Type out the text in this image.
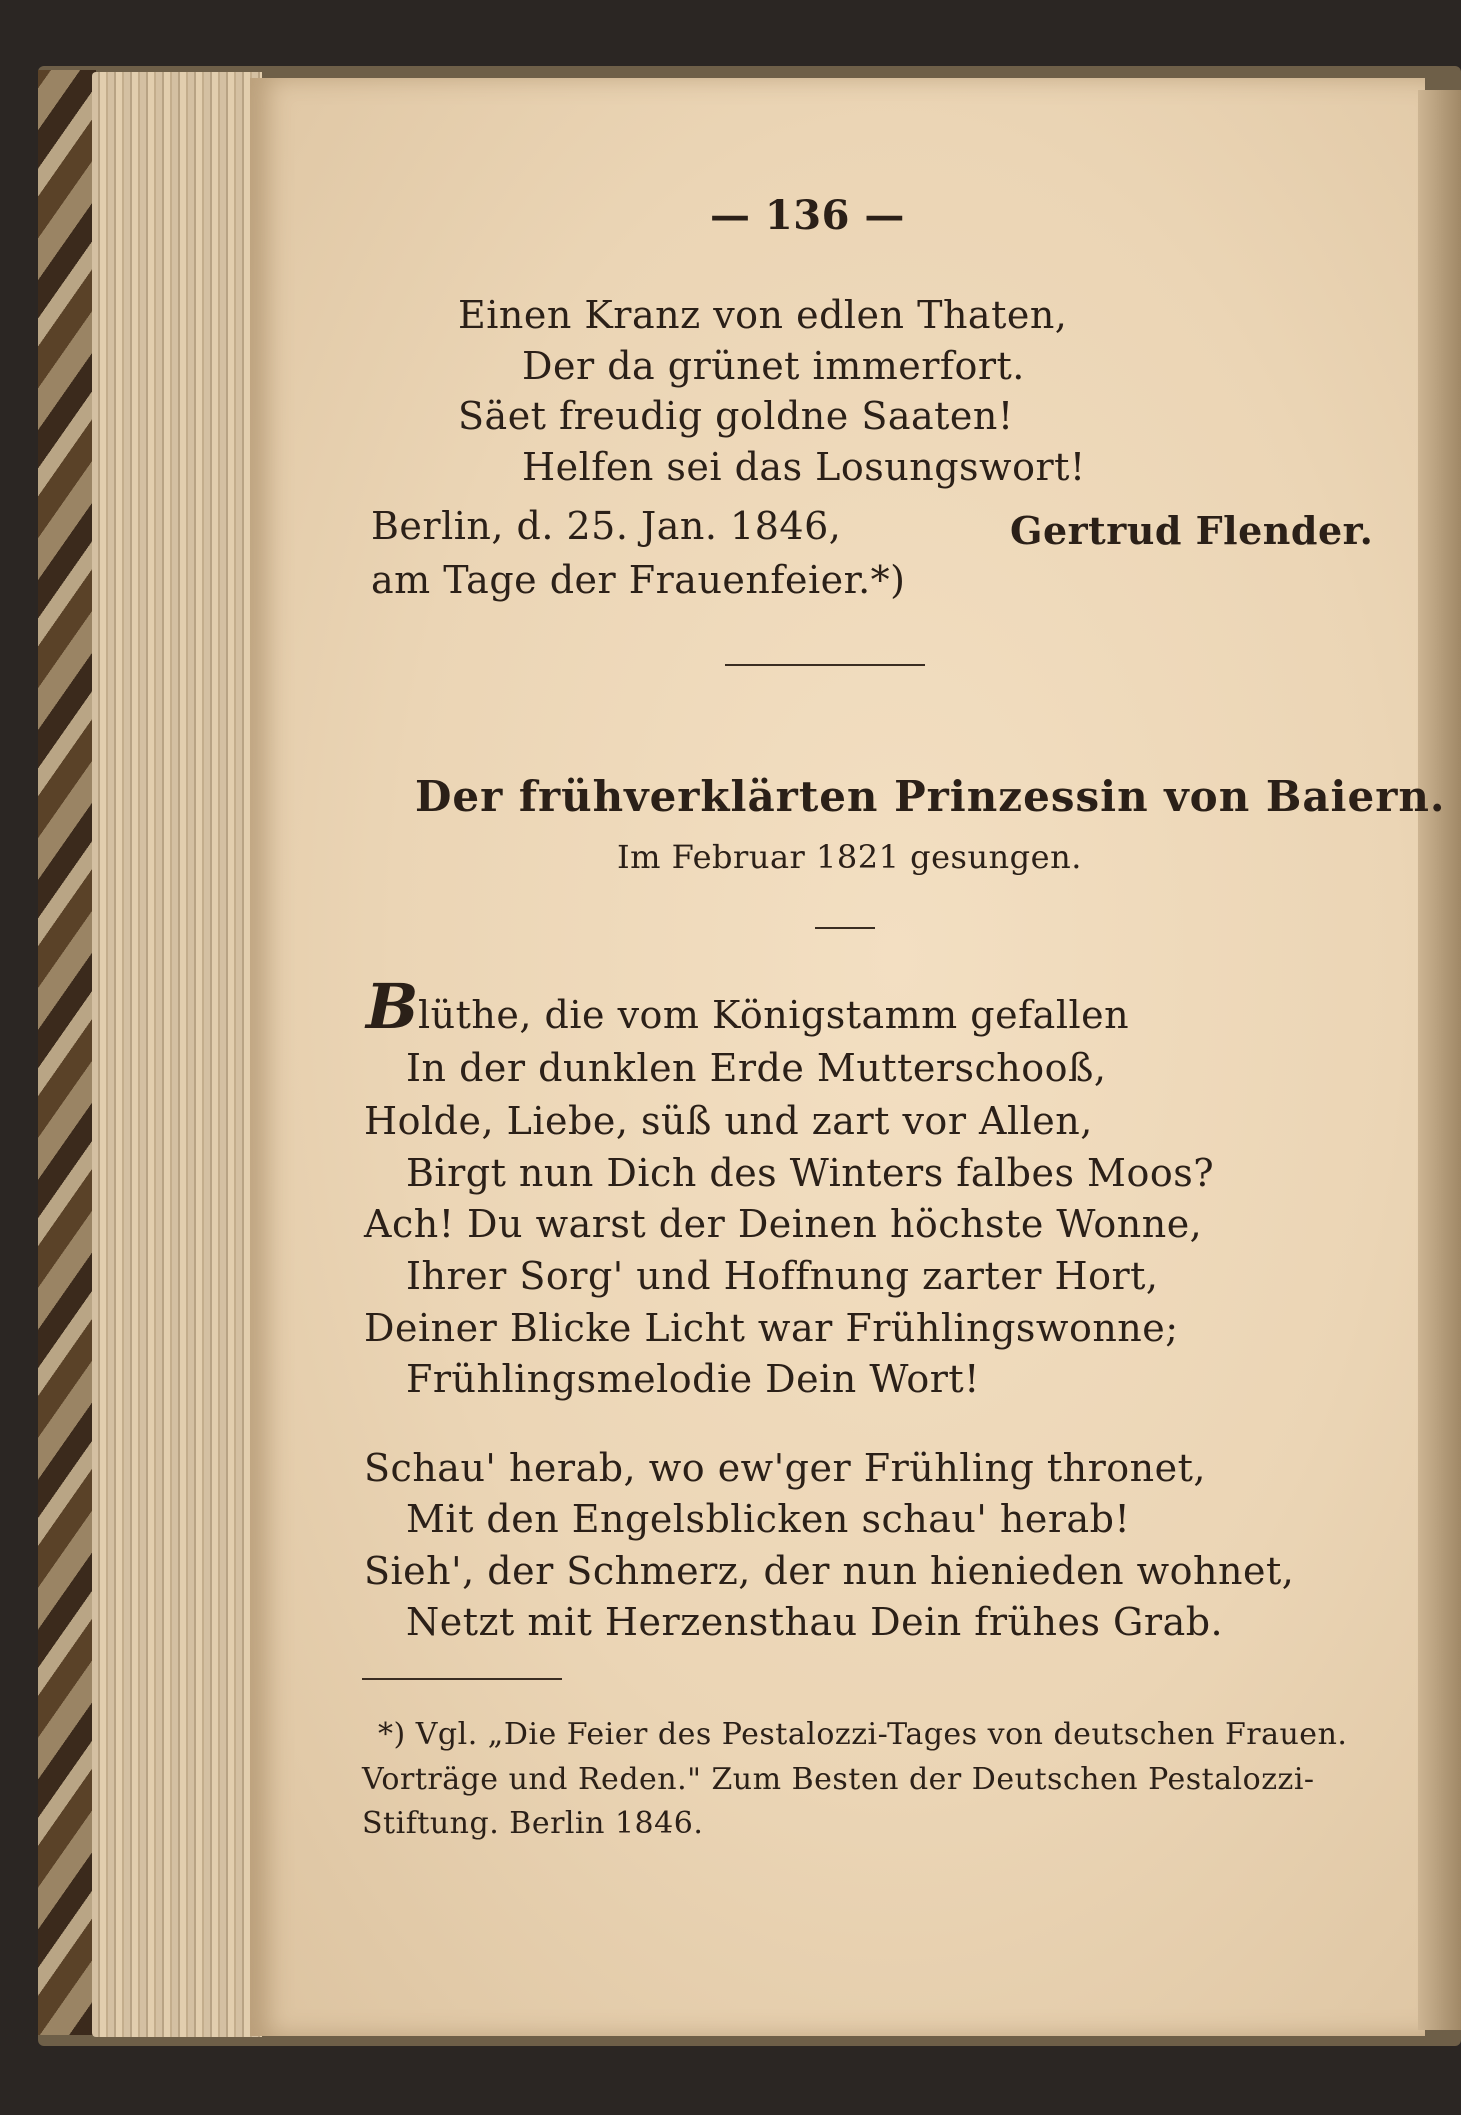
— 136 —
Einen Kranz von edlen Thaten,
Der da grünet immerfort.
Säet freudig goldne Saaten!
Helfen sei das Losungswort!
Berlin, d. 25. Jan. 1846,	Gertrud Flender.
am Tage der Frauenfeier.*)
Der frühverklärten Prinzessin von Baiern.
Im Februar 1821 gesungen.
B lüthe, die vom Königstamm gefallen
In der dunklen Erde Mutterschooß,
Holde, Liebe, süß und zart vor Allen,
Birgt nun Dich des Winters falbes Moos?
Ach! Du warst der Deinen höchste Wonne,
Ihrer Sorg' und Hoffnung zarter Hort,
Deiner Blicke Licht war Frühlingswonne;
Frühlingsmelodie Dein Wort!
Schau' herab, wo ew'ger Frühling thronet,
Mit den Engelsblicken schau' herab!
Sieh', der Schmerz, der nun hienieden wohnet,
Netzt mit Herzensthau Dein frühes Grab.
*) Vgl. „Die Feier des Pestalozzi-Tages von deutschen Frauen.
Vorträge und Reden." Zum Besten der Deutschen Pestalozzi-
Stiftung. Berlin 1846.
